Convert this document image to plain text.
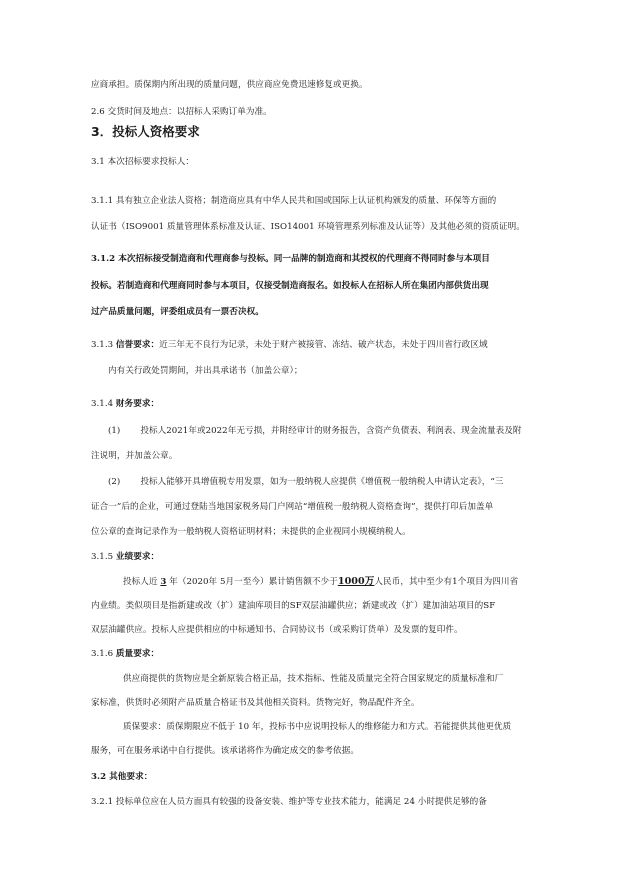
应商承担。质保期内所出现的质量问题，供应商应免费迅速修复或更换。
2.6 交货时间及地点：以招标人采购订单为准。
3．投标人资格要求
3.1 本次招标要求投标人：
3.1.1 具有独立企业法人资格；制造商应具有中华人民共和国或国际上认证机构颁发的质量、环保等方面的
认证书（ISO9001 质量管理体系标准及认证、ISO14001 环境管理系列标准及认证等）及其他必须的资质证明。
3.1.2 本次招标接受制造商和代理商参与投标。同一品牌的制造商和其授权的代理商不得同时参与本项目
投标。若制造商和代理商同时参与本项目，仅接受制造商报名。如投标人在招标人所在集团内部供货出现
过产品质量问题，评委组成员有一票否决权。
3.1.3 信誉要求：近三年无不良行为记录，未处于财产被接管、冻结、破产状态，未处于四川省行政区域
内有关行政处罚期间，并出具承诺书（加盖公章）；
3.1.4 财务要求：
(1) 投标人2021年或2022年无亏损，并附经审计的财务报告，含资产负债表、利润表、现金流量表及附
注说明，并加盖公章。
(2) 投标人能够开具增值税专用发票，如为一般纳税人应提供《增值税一般纳税人申请认定表》，“三
证合一”后的企业，可通过登陆当地国家税务局门户网站“增值税一般纳税人资格查询”，提供打印后加盖单
位公章的查询记录作为一般纳税人资格证明材料；未提供的企业视同小规模纳税人。
3.1.5 业绩要求：
投标人近 3 年（2020年 5月一至今）累计销售额不少于1000万人民币，其中至少有1个项目为四川省
内业绩。类似项目是指新建或改（扩）建油库项目的SF双层油罐供应；新建或改（扩）建加油站项目的SF
双层油罐供应。投标人应提供相应的中标通知书、合同协议书（或采购订货单）及发票的复印件。
3.1.6 质量要求：
供应商提供的货物应是全新原装合格正品，技术指标、性能及质量完全符合国家规定的质量标准和厂
家标准，供货时必须附产品质量合格证书及其他相关资料。货物完好，物品配件齐全。
质保要求：质保期限应不低于 10 年，投标书中应说明投标人的维修能力和方式。若能提供其他更优质
服务，可在服务承诺中自行提供。该承诺将作为确定成交的参考依据。
3.2 其他要求：
3.2.1 投标单位应在人员方面具有较强的设备安装、维护等专业技术能力，能满足 24 小时提供足够的备
